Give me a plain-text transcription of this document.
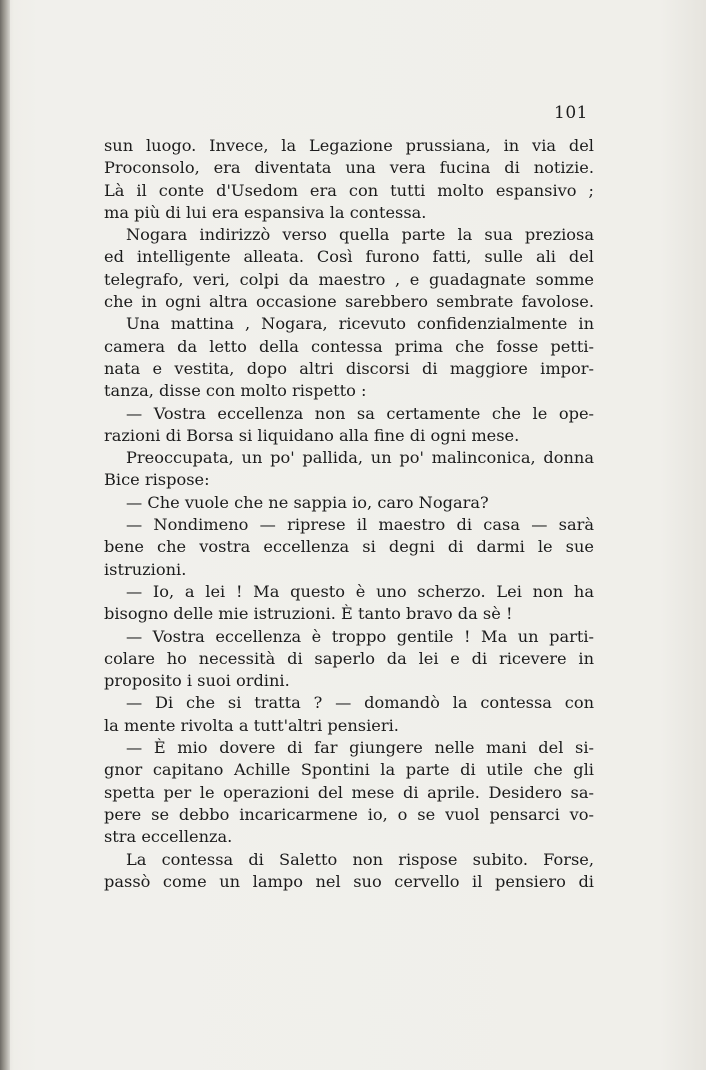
101
sun luogo. Invece, la Legazione prussiana, in via del
Proconsolo, era diventata una vera fucina di notizie.
Là il conte d'Usedom era con tutti molto espansivo ;
ma più di lui era espansiva la contessa.
Nogara indirizzò verso quella parte la sua preziosa
ed intelligente alleata. Così furono fatti, sulle ali del
telegrafo, veri, colpi da maestro , e guadagnate somme
che in ogni altra occasione sarebbero sembrate favolose.
Una mattina , Nogara, ricevuto confidenzialmente in
camera da letto della contessa prima che fosse petti-
nata e vestita, dopo altri discorsi di maggiore impor-
tanza, disse con molto rispetto :
— Vostra eccellenza non sa certamente che le ope-
razioni di Borsa si liquidano alla fine di ogni mese.
Preoccupata, un po' pallida, un po' malinconica, donna
Bice rispose:
— Che vuole che ne sappia io, caro Nogara?
— Nondimeno — riprese il maestro di casa — sarà
bene che vostra eccellenza si degni di darmi le sue
istruzioni.
— Io, a lei ! Ma questo è uno scherzo. Lei non ha
bisogno delle mie istruzioni. È tanto bravo da sè !
— Vostra eccellenza è troppo gentile ! Ma un parti-
colare ho necessità di saperlo da lei e di ricevere in
proposito i suoi ordini.
— Di che si tratta ? — domandò la contessa con
la mente rivolta a tutt'altri pensieri.
— È mio dovere di far giungere nelle mani del si-
gnor capitano Achille Spontini la parte di utile che gli
spetta per le operazioni del mese di aprile. Desidero sa-
pere se debbo incaricarmene io, o se vuol pensarci vo-
stra eccellenza.
La contessa di Saletto non rispose subito. Forse,
passò come un lampo nel suo cervello il pensiero di
